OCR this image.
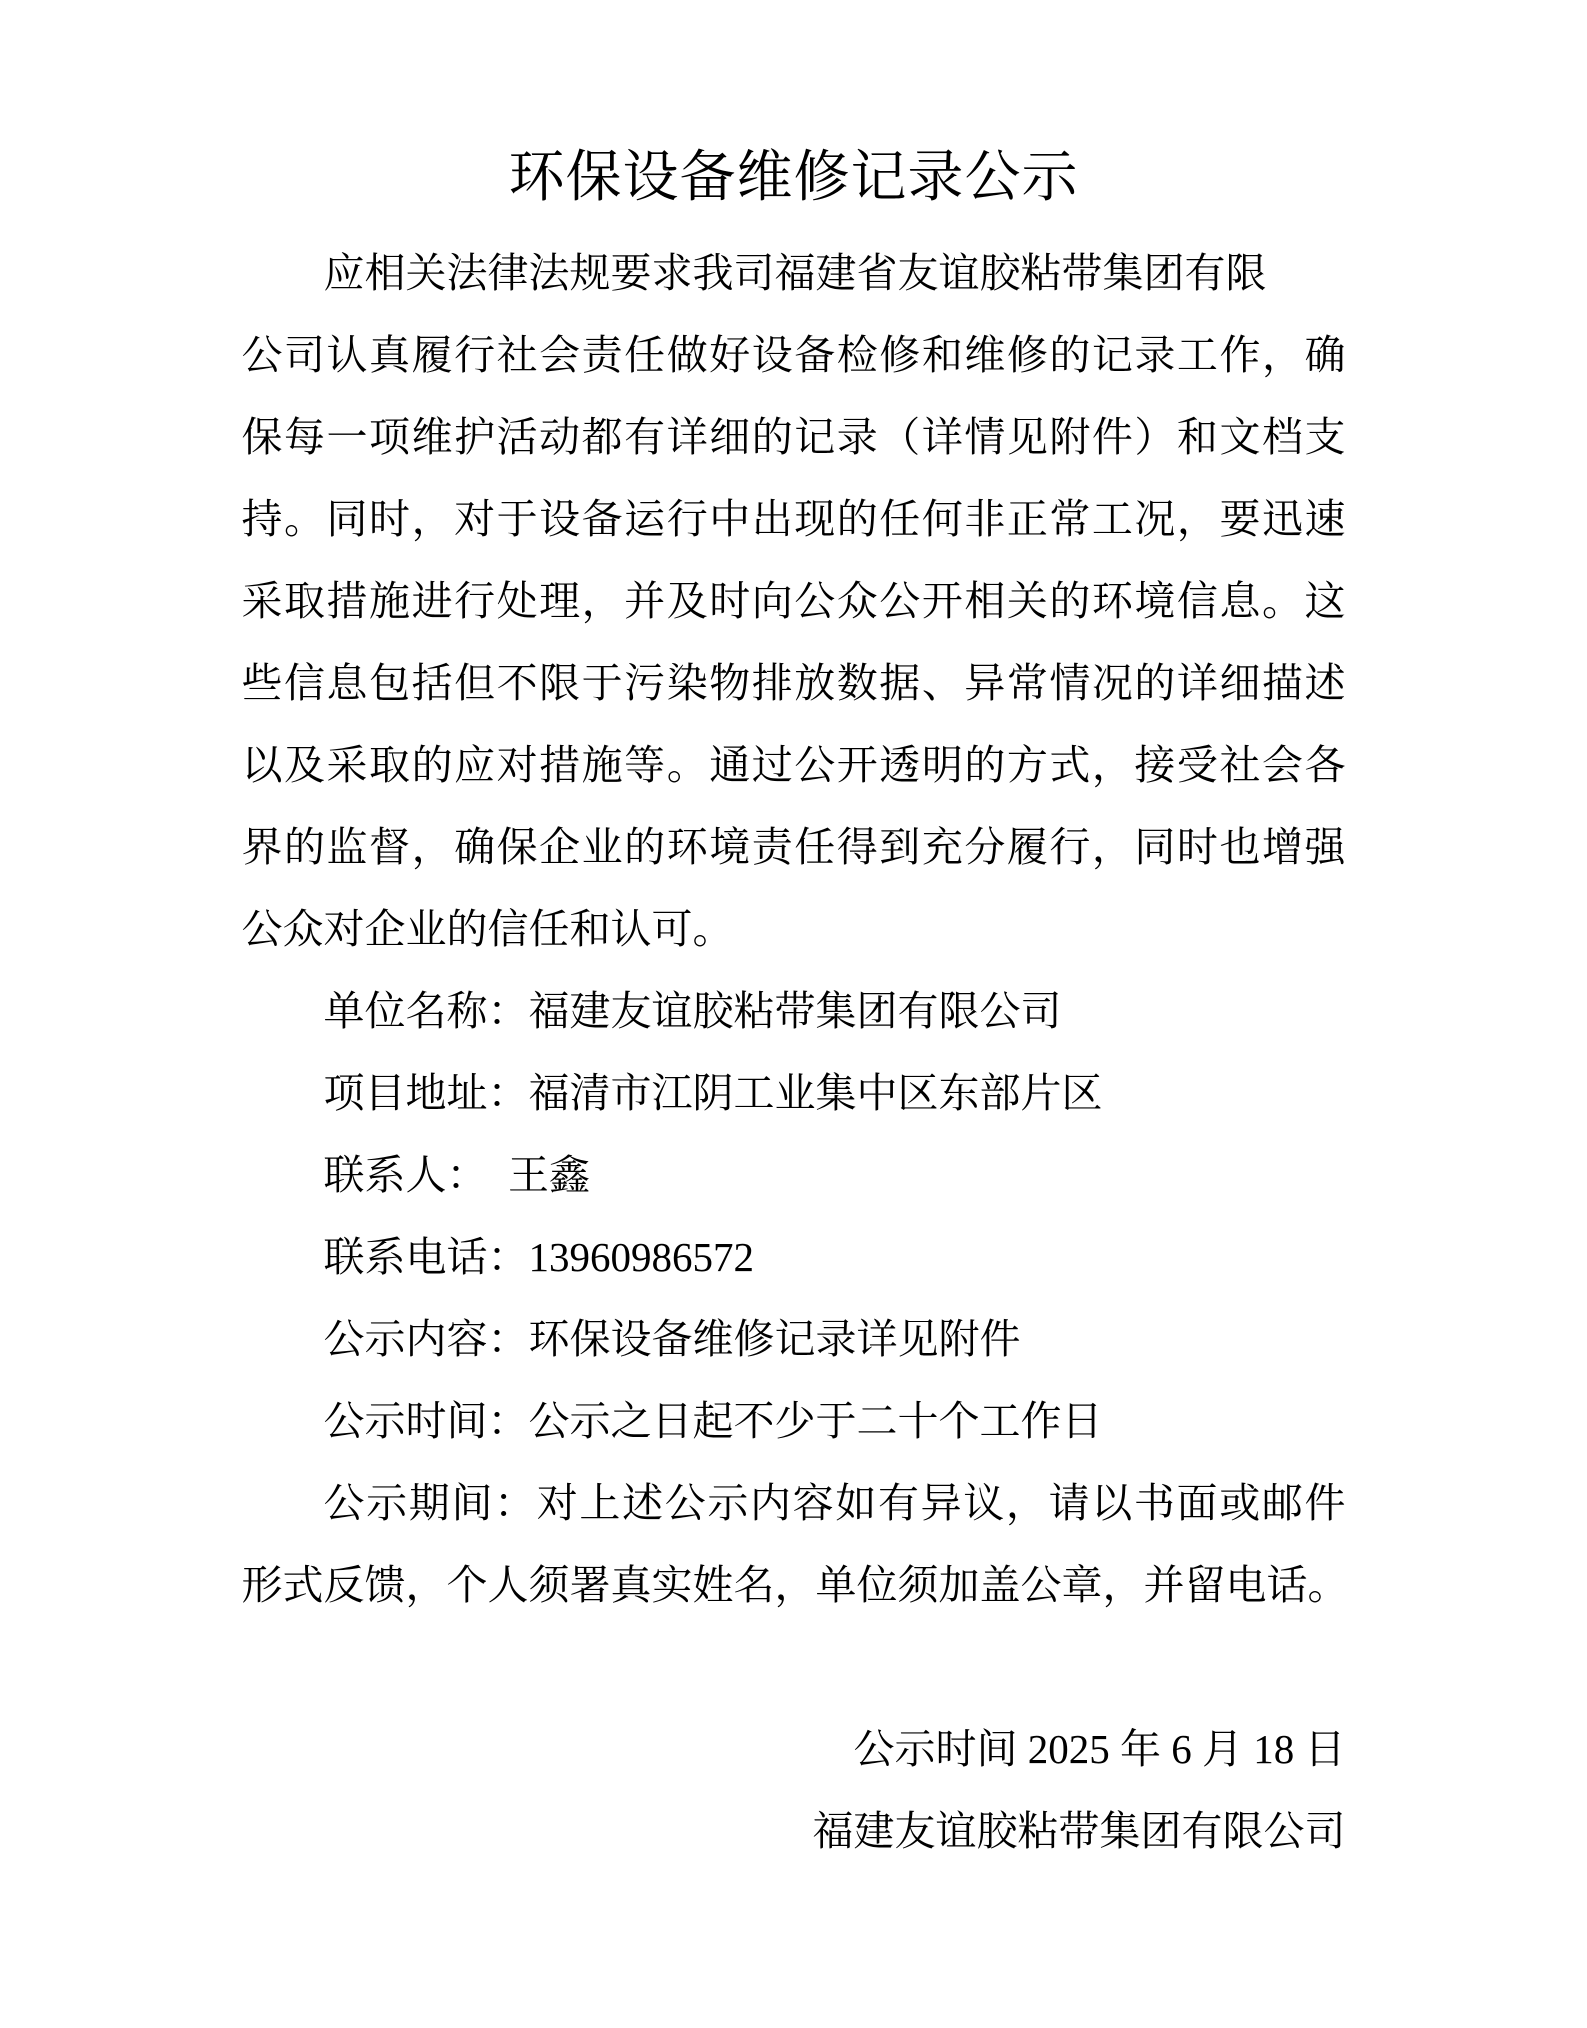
环保设备维修记录公示
应相关法律法规要求我司福建省友谊胶粘带集团有限
公司认真履行社会责任做好设备检修和维修的记录工作，确
保每一项维护活动都有详细的记录（详情见附件）和文档支
持。同时，对于设备运行中出现的任何非正常工况，要迅速
采取措施进行处理，并及时向公众公开相关的环境信息。这
些信息包括但不限于污染物排放数据、异常情况的详细描述
以及采取的应对措施等。通过公开透明的方式，接受社会各
界的监督，确保企业的环境责任得到充分履行，同时也增强
公众对企业的信任和认可。
单位名称：福建友谊胶粘带集团有限公司
项目地址：福清市江阴工业集中区东部片区
联系人：　王鑫
联系电话：13960986572
公示内容：环保设备维修记录详见附件
公示时间：公示之日起不少于二十个工作日
公示期间：对上述公示内容如有异议，请以书面或邮件
形式反馈，个人须署真实姓名，单位须加盖公章，并留电话。
公示时间 2025 年 6 月 18 日
福建友谊胶粘带集团有限公司
